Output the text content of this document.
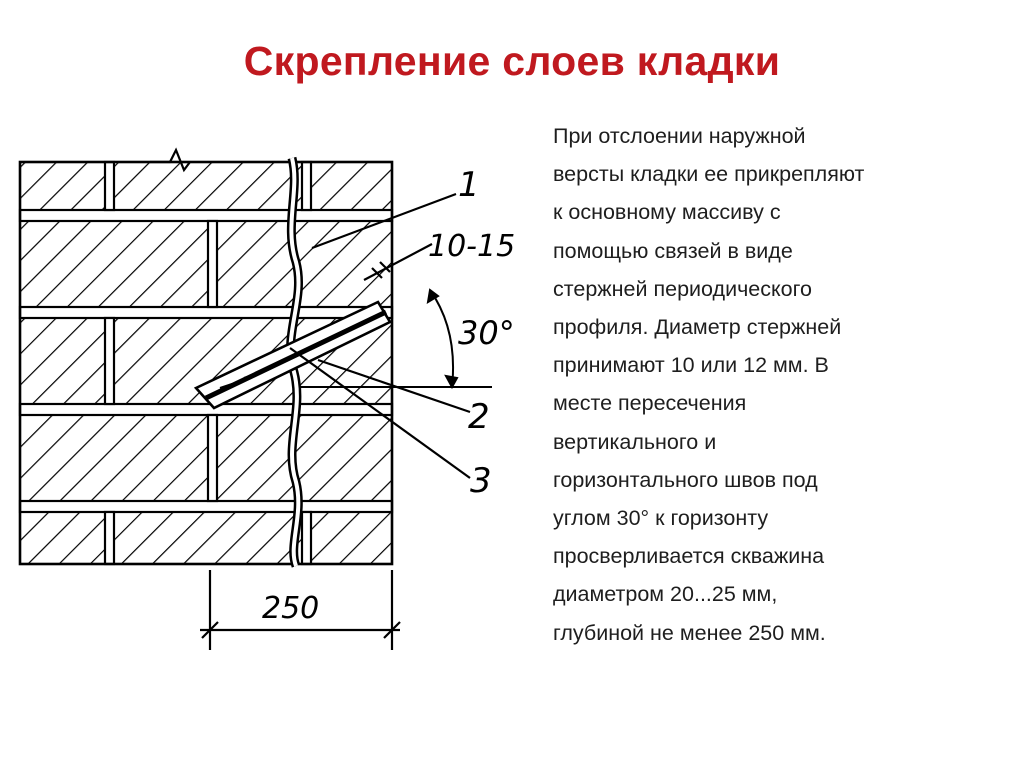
Скрепление слоев кладки
При отслоении наружной
версты кладки ее прикрепляют
к основному массиву с
помощью связей в виде
стержней периодического
профиля. Диаметр стержней
принимают 10 или 12 мм. В
месте пересечения
вертикального и
горизонтального швов под
углом 30° к горизонту
просверливается скважина
диаметром 20...25 мм,
глубиной не менее 250 мм.
1
10-15
30°
2
3
250
